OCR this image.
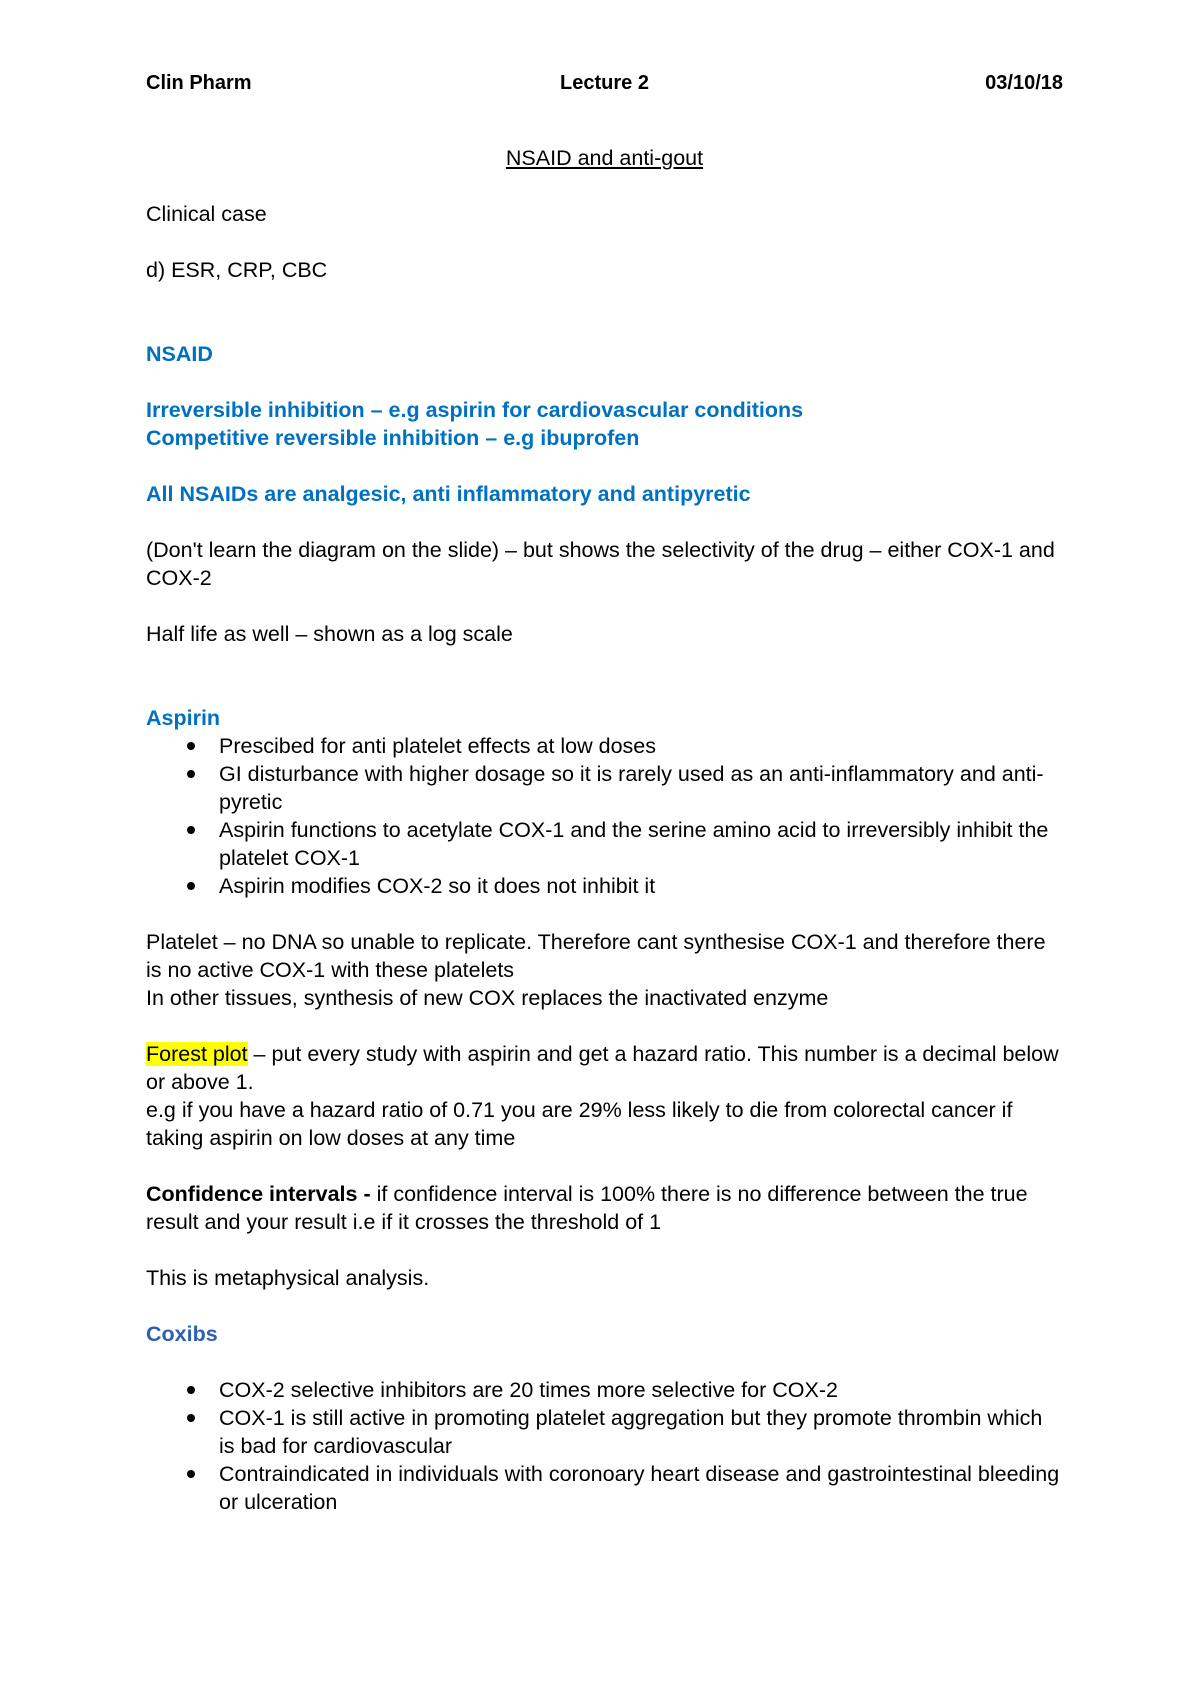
Clin Pharm	Lecture 2	03/10/18

NSAID and anti-gout

Clinical case

d) ESR, CRP, CBC

NSAID

Irreversible inhibition – e.g aspirin for cardiovascular conditions

Competitive reversible inhibition – e.g ibuprofen

All NSAIDs are analgesic, anti inflammatory and antipyretic

(Don't learn the diagram on the slide) – but shows the selectivity of the drug – either COX-1 and COX-2

Half life as well – shown as a log scale

Aspirin

Prescibed for anti platelet effects at low doses
GI disturbance with higher dosage so it is rarely used as an anti-inflammatory and anti-pyretic
Aspirin functions to acetylate COX-1 and the serine amino acid to irreversibly inhibit the platelet COX-1
Aspirin modifies COX-2 so it does not inhibit it

Platelet – no DNA so unable to replicate. Therefore cant synthesise COX-1 and therefore there is no active COX-1 with these platelets

In other tissues, synthesis of new COX replaces the inactivated enzyme

Forest plot – put every study with aspirin and get a hazard ratio. This number is a decimal below or above 1.

e.g if you have a hazard ratio of 0.71 you are 29% less likely to die from colorectal cancer if taking aspirin on low doses at any time

Confidence intervals - if confidence interval is 100% there is no difference between the true result and your result i.e if it crosses the threshold of 1

This is metaphysical analysis.

Coxibs

COX-2 selective inhibitors are 20 times more selective for COX-2
COX-1 is still active in promoting platelet aggregation but they promote thrombin which is bad for cardiovascular
Contraindicated in individuals with coronoary heart disease and gastrointestinal bleeding or ulceration
